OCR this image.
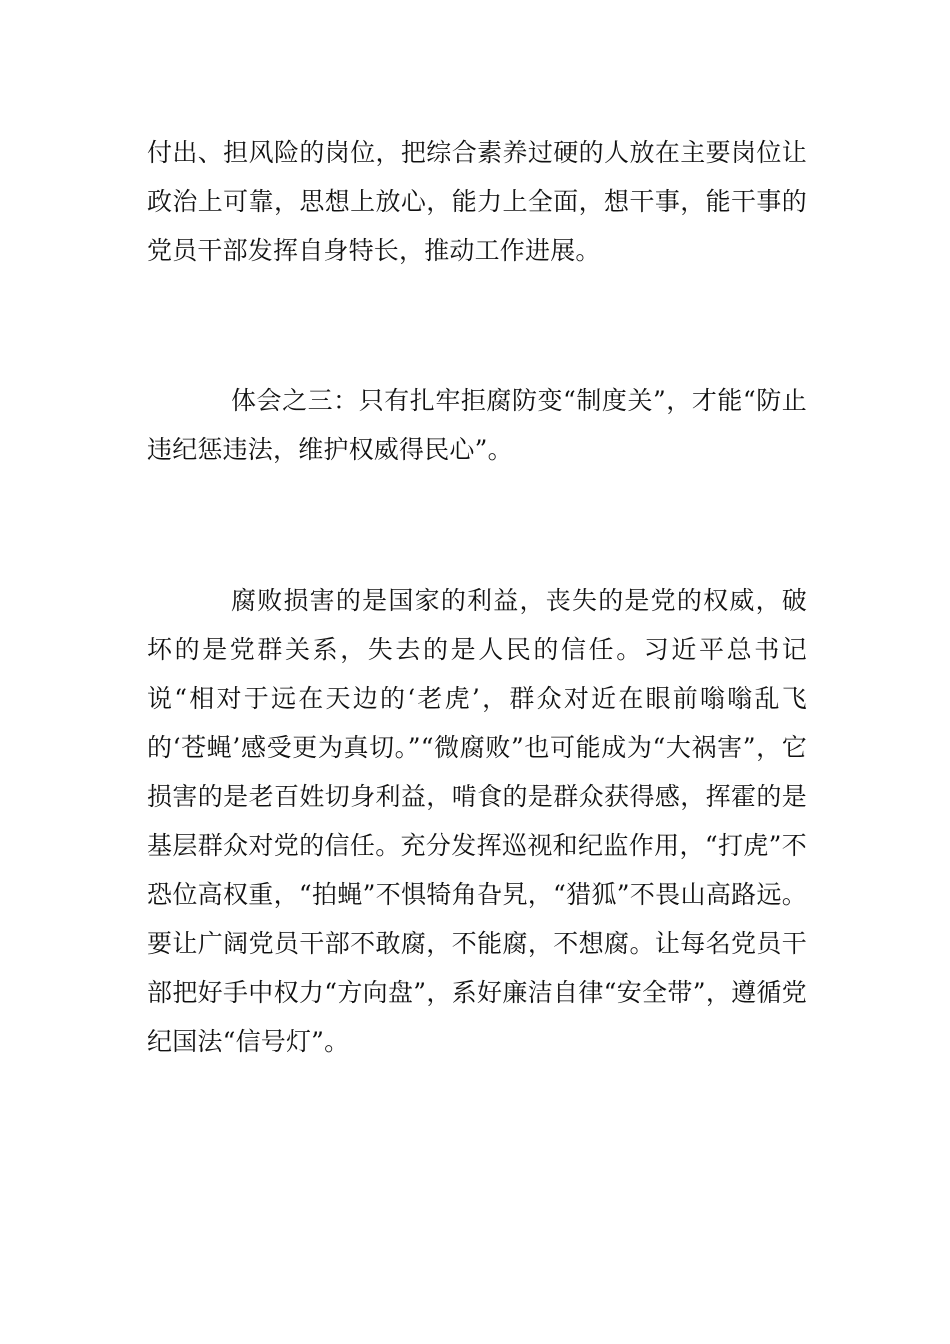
付出、担风险的岗位，把综合素养过硬的人放在主要岗位让政治上可靠，思想上放心，能力上全面，想干事，能干事的党员干部发挥自身特长，推动工作进展。

体会之三：只有扎牢拒腐防变“制度关”，才能“防止违纪惩违法，维护权威得民心”。

腐败损害的是国家的利益，丧失的是党的权威，破坏的是党群关系，失去的是人民的信任。习近平总书记说“相对于远在天边的‘老虎’，群众对近在眼前嗡嗡乱飞的‘苍蝇’感受更为真切。”“微腐败”也可能成为“大祸害”，它损害的是老百姓切身利益，啃食的是群众获得感，挥霍的是基层群众对党的信任。充分发挥巡视和纪监作用，“打虎”不恐位高权重，“拍蝇”不惧犄角旮旯，“猎狐”不畏山高路远。要让广阔党员干部不敢腐，不能腐，不想腐。让每名党员干部把好手中权力“方向盘”，系好廉洁自律“安全带”，遵循党纪国法“信号灯”。
